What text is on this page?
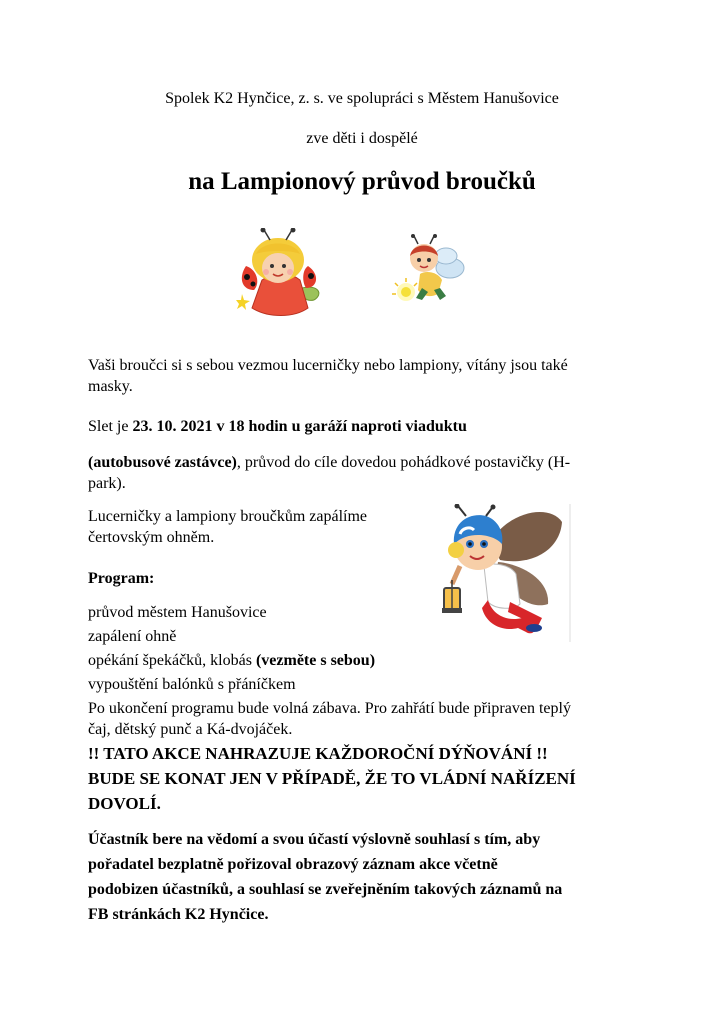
Spolek K2 Hynčice, z. s. ve spolupráci s Městem Hanušovice
zve děti i dospělé
na Lampionový průvod broučků
Vaši broučci si s sebou vezmou lucerničky nebo lampiony, vítány jsou také
masky.
Slet je 23. 10. 2021 v 18 hodin u garáží naproti viaduktu
(autobusové zastávce), průvod do cíle dovedou pohádkové postavičky (H-
park).
Lucerničky a lampiony broučkům zapálíme
čertovským ohněm.
Program:
průvod městem Hanušovice
zapálení ohně
opékání špekáčků, klobás (vezměte s sebou)
vypouštění balónků s přáníčkem
Po ukončení programu bude volná zábava. Pro zahřátí bude připraven teplý
čaj, dětský punč a Ká-dvojáček.
!! TATO AKCE NAHRAZUJE KAŽDOROČNÍ DÝŇOVÁNÍ !!
BUDE SE KONAT JEN V PŘÍPADĚ, ŽE TO VLÁDNÍ NAŘÍZENÍ
DOVOLÍ.
Účastník bere na vědomí a svou účastí výslovně souhlasí s tím, aby
pořadatel bezplatně pořizoval obrazový záznam akce včetně
podobizen účastníků, a souhlasí se zveřejněním takových záznamů na
FB stránkách K2 Hynčice.
